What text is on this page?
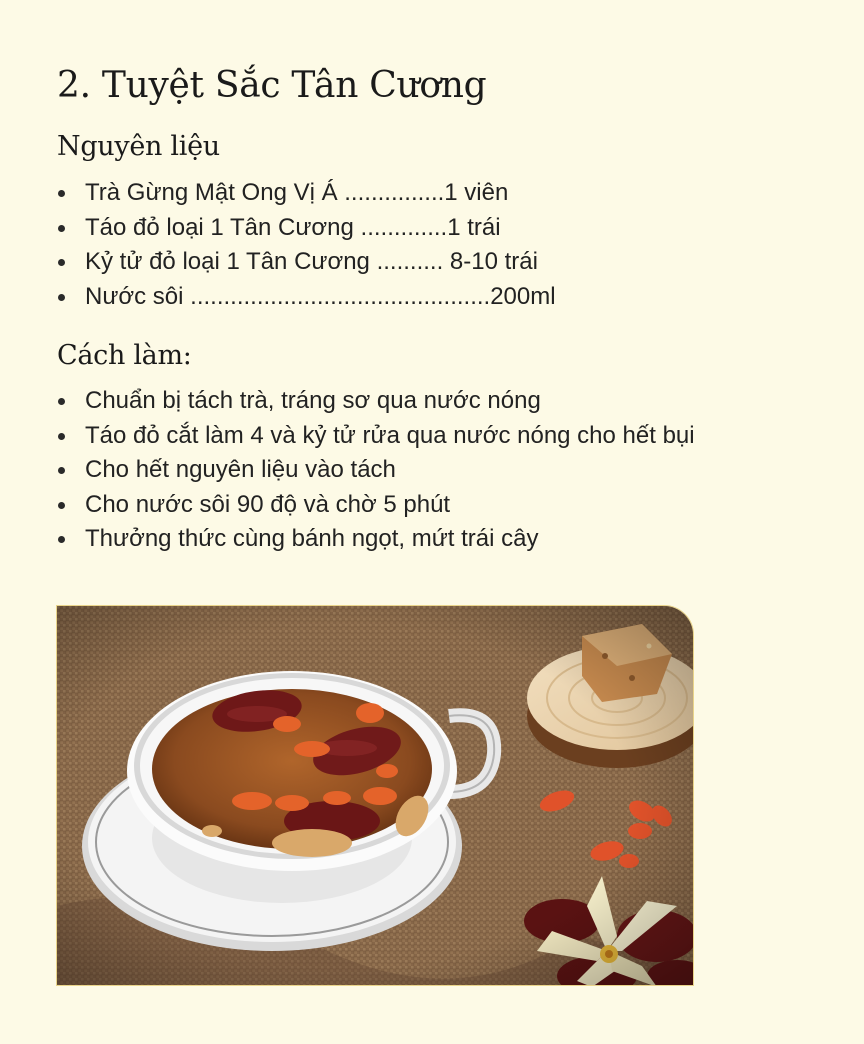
2. Tuyệt Sắc Tân Cương
Nguyên liệu
Trà Gừng Mật Ong Vị Á ...............1 viên
Táo đỏ loại 1 Tân Cương .............1 trái
Kỷ tử đỏ loại 1 Tân Cương .......... 8-10 trái
Nước sôi .............................................200ml
Cách làm:
Chuẩn bị tách trà, tráng sơ qua nước nóng
Táo đỏ cắt làm 4 và kỷ tử rửa qua nước nóng cho hết bụi
Cho hết nguyên liệu vào tách
Cho nước sôi 90 độ và chờ 5 phút
Thưởng thức cùng bánh ngọt, mứt trái cây
